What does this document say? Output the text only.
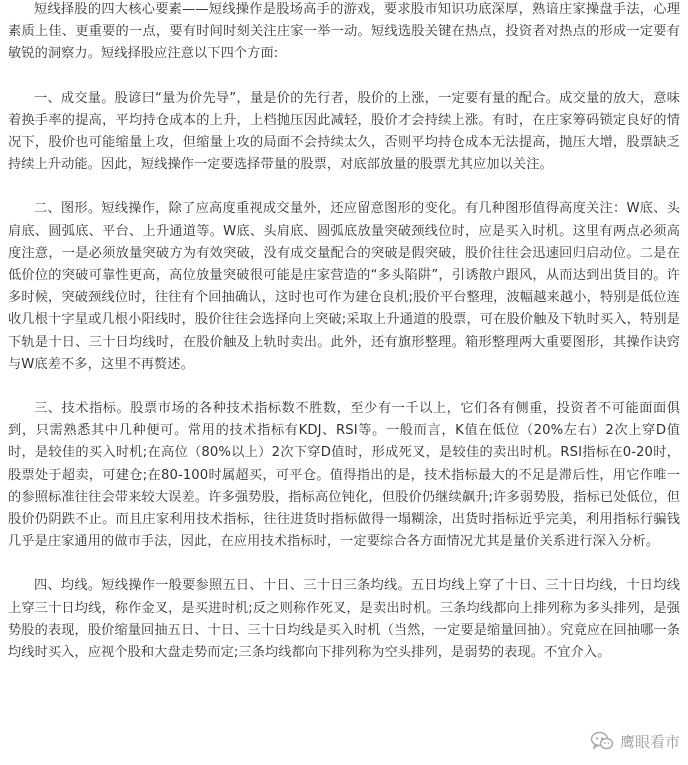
短线择股的四大核心要素——短线操作是股场高手的游戏，要求股市知识功底深厚，熟谙庄家操盘手法，心理素质上佳、更重要的一点，要有时间时刻关注庄家一举一动。短线选股关键在热点，投资者对热点的形成一定要有敏锐的洞察力。短线择股应注意以下四个方面:

一、成交量。股谚曰“量为价先导”，量是价的先行者，股价的上涨，一定要有量的配合。成交量的放大，意味着换手率的提高，平均持仓成本的上升，上档抛压因此减轻，股价才会持续上涨。有时，在庄家筹码锁定良好的情况下，股价也可能缩量上攻，但缩量上攻的局面不会持续太久，否则平均持仓成本无法提高，抛压大增，股票缺乏持续上升动能。因此，短线操作一定要选择带量的股票，对底部放量的股票尤其应加以关注。

二、图形。短线操作，除了应高度重视成交量外，还应留意图形的变化。有几种图形值得高度关注：W底、头肩底、圆弧底、平台、上升通道等。W底、头肩底、圆弧底放量突破颈线位时，应是买入时机。这里有两点必须高度注意，一是必须放量突破方为有效突破，没有成交量配合的突破是假突破，股价往往会迅速回归启动位。二是在低价位的突破可靠性更高，高位放量突破很可能是庄家营造的“多头陷阱”，引诱散户跟风，从而达到出货目的。许多时候，突破颈线位时，往往有个回抽确认，这时也可作为建仓良机;股价平台整理，波幅越来越小，特别是低位连收几根十字星或几根小阳线时，股价往往会选择向上突破;采取上升通道的股票，可在股价触及下轨时买入，特别是下轨是十日、三十日均线时，在股价触及上轨时卖出。此外，还有旗形整理。箱形整理两大重要图形，其操作诀窍与W底差不多，这里不再赘述。

三、技术指标。股票市场的各种技术指标数不胜数，至少有一千以上，它们各有侧重，投资者不可能面面俱到，只需熟悉其中几种便可。常用的技术指标有KDJ、RSI等。一般而言，K值在低位（20%左右）2次上穿D值时，是较佳的买入时机;在高位（80%以上）2次下穿D值时，形成死叉，是较佳的卖出时机。RSI指标在0-20时，股票处于超卖，可建仓;在80-100时属超买，可平仓。值得指出的是，技术指标最大的不足是滞后性，用它作唯一的参照标准往往会带来较大误差。许多强势股，指标高位钝化，但股价仍继续飙升;许多弱势股，指标已处低位，但股价仍阴跌不止。而且庄家利用技术指标，往往进货时指标做得一塌糊涂，出货时指标近乎完美，利用指标行骗钱几乎是庄家通用的做市手法，因此，在应用技术指标时，一定要综合各方面情况尤其是量价关系进行深入分析。

四、均线。短线操作一般要参照五日、十日、三十日三条均线。五日均线上穿了十日、三十日均线，十日均线上穿三十日均线，称作金叉，是买进时机;反之则称作死叉，是卖出时机。三条均线都向上排列称为多头排列，是强势股的表现，股价缩量回抽五日、十日、三十日均线是买入时机（当然，一定要是缩量回抽）。究竟应在回抽哪一条均线时买入，应视个股和大盘走势而定;三条均线都向下排列称为空头排列，是弱势的表现。不宜介入。

鹰眼看市
